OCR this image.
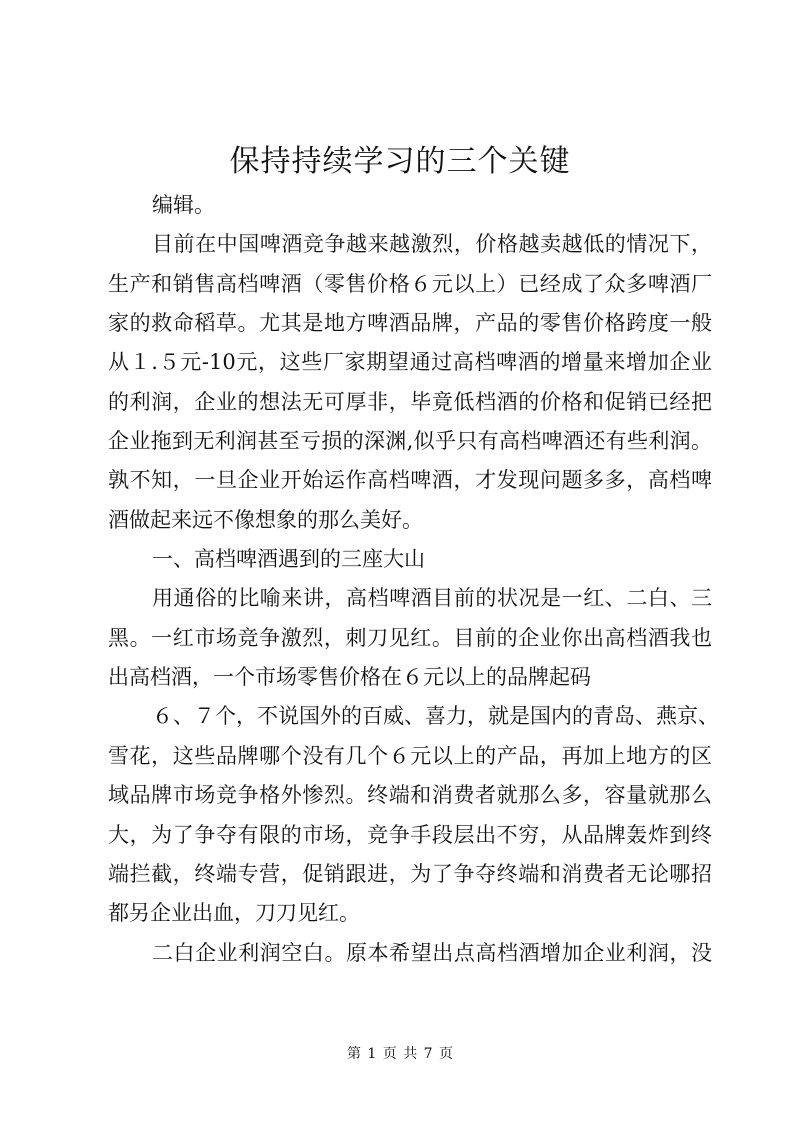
保持持续学习的三个关键

编辑。

目前在中国啤酒竞争越来越激烈，价格越卖越低的情况下，

生产和销售高档啤酒（零售价格６元以上）已经成了众多啤酒厂

家的救命稻草。尤其是地方啤酒品牌，产品的零售价格跨度一般

从１.５元-10元，这些厂家期望通过高档啤酒的增量来增加企业

的利润，企业的想法无可厚非，毕竟低档酒的价格和促销已经把

企业拖到无利润甚至亏损的深渊,似乎只有高档啤酒还有些利润。

孰不知，一旦企业开始运作高档啤酒，才发现问题多多，高档啤

酒做起来远不像想象的那么美好。

一、高档啤酒遇到的三座大山

用通俗的比喻来讲，高档啤酒目前的状况是一红、二白、三

黑。一红市场竞争激烈，刺刀见红。目前的企业你出高档酒我也

出高档酒，一个市场零售价格在６元以上的品牌起码

６、７个，不说国外的百威、喜力，就是国内的青岛、燕京、

雪花，这些品牌哪个没有几个６元以上的产品，再加上地方的区

域品牌市场竞争格外惨烈。终端和消费者就那么多，容量就那么

大，为了争夺有限的市场，竞争手段层出不穷，从品牌轰炸到终

端拦截，终端专营，促销跟进，为了争夺终端和消费者无论哪招

都另企业出血，刀刀见红。

二白企业利润空白。原本希望出点高档酒增加企业利润，没

第 1 页 共 7 页
